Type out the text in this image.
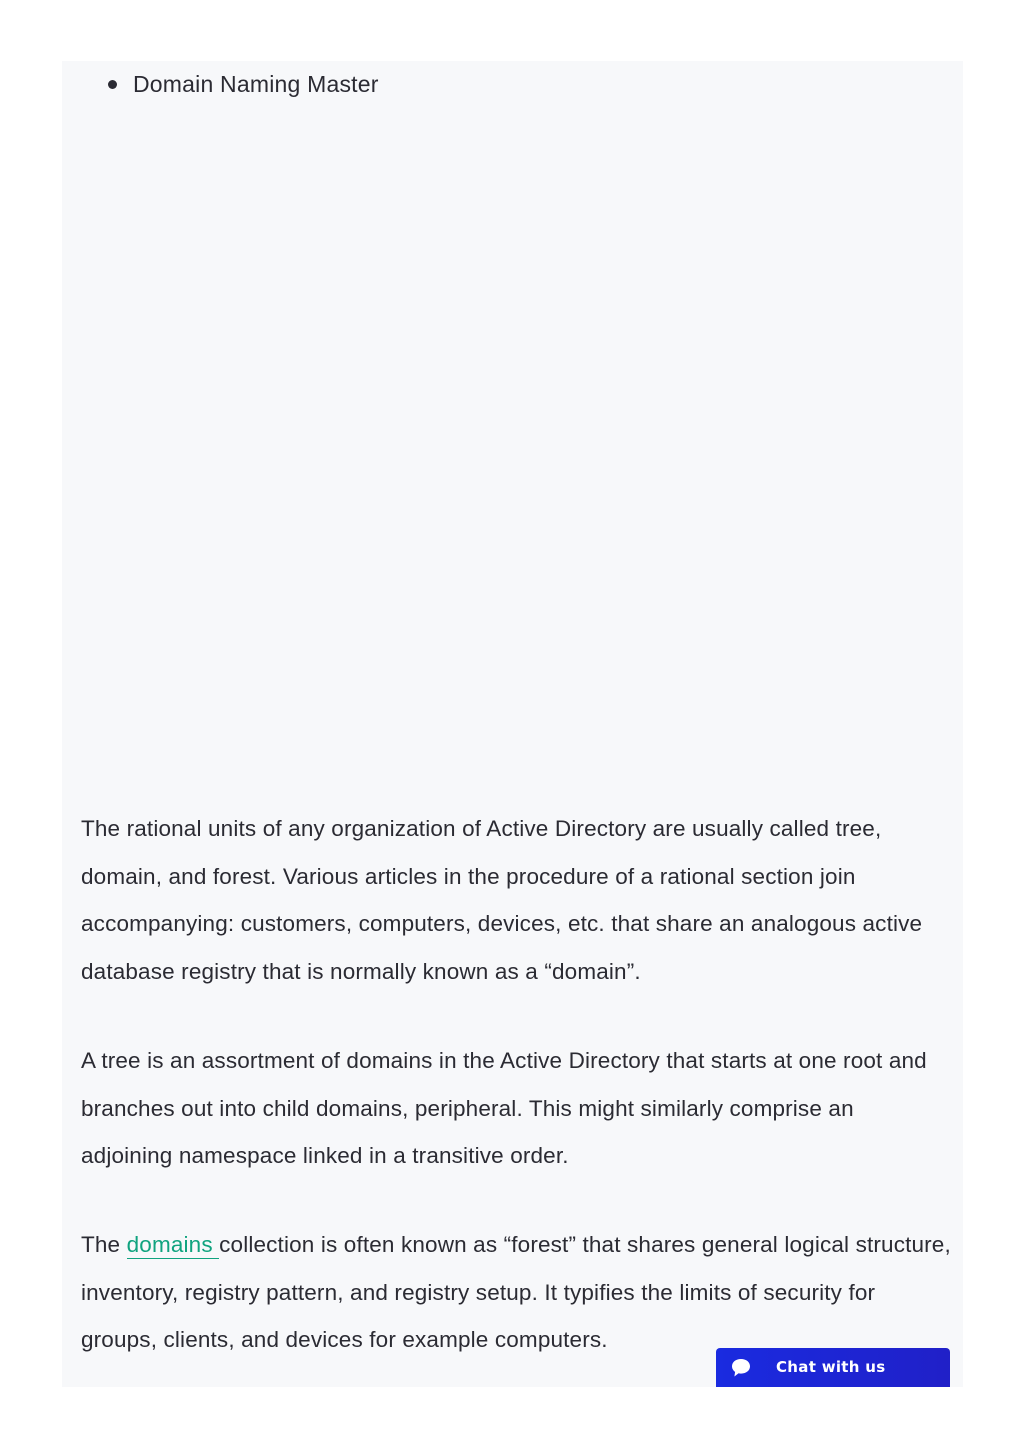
Domain Naming Master

The rational units of any organization of Active Directory are usually called tree, domain, and forest. Various articles in the procedure of a rational section join accompanying: customers, computers, devices, etc. that share an analogous active database registry that is normally known as a “domain”.

A tree is an assortment of domains in the Active Directory that starts at one root and branches out into child domains, peripheral. This might similarly comprise an adjoining namespace linked in a transitive order.

The domains collection is often known as “forest” that shares general logical structure, inventory, registry pattern, and registry setup. It typifies the limits of security for groups, clients, and devices for example computers.

Chat with us
